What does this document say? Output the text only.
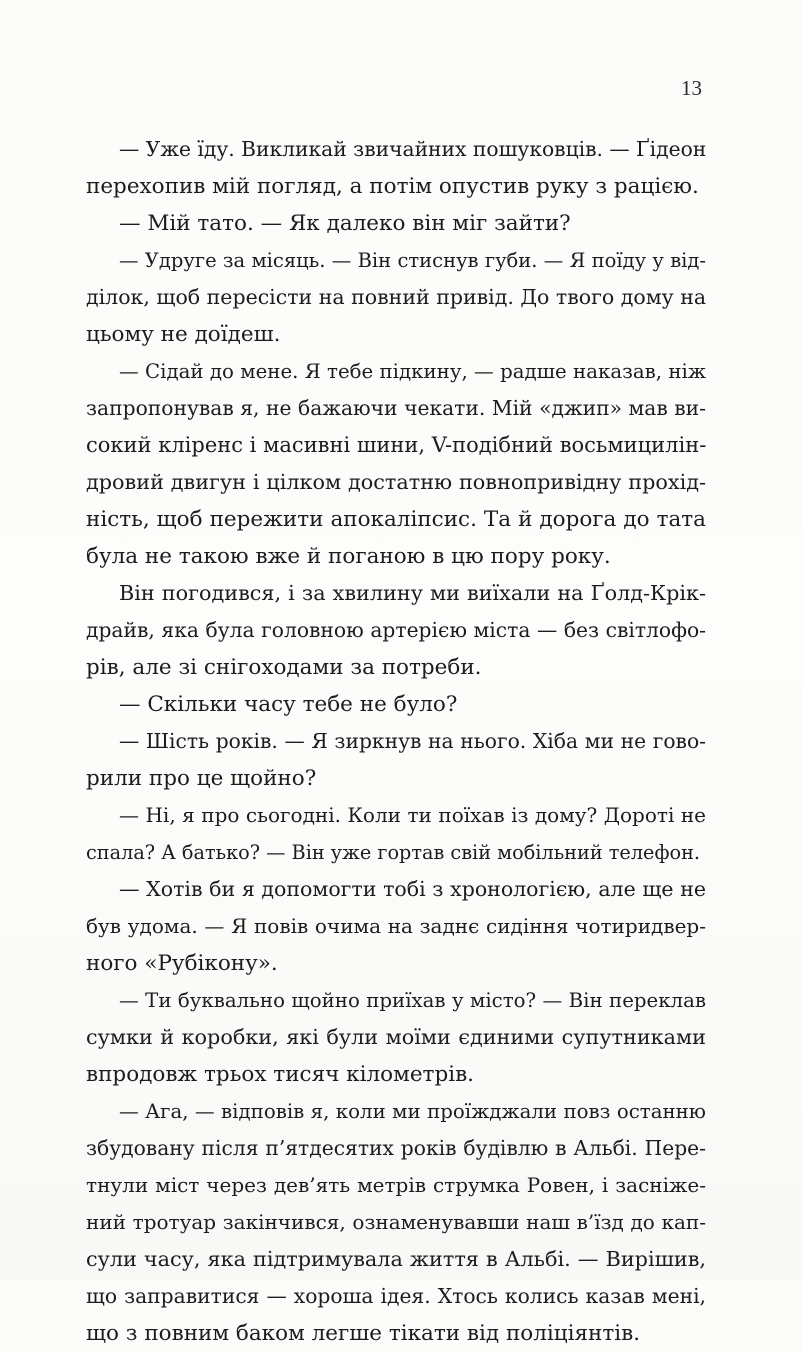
13
— Уже їду. Викликай звичайних пошуковців. — Ґідеон
перехопив мій погляд, а потім опустив руку з рацією.
— Мій тато. — Як далеко він міг зайти?
— Удруге за місяць. — Він стиснув губи. — Я поїду у від-
ділок, щоб пересісти на повний привід. До твого дому на
цьому не доїдеш.
— Сідай до мене. Я тебе підкину, — радше наказав, ніж
запропонував я, не бажаючи чекати. Мій «джип» мав ви-
сокий кліренс і масивні шини, V-подібний восьмицилін-
дровий двигун і цілком достатню повнопривідну прохід-
ність, щоб пережити апокаліпсис. Та й дорога до тата
була не такою вже й поганою в цю пору року.
Він погодився, і за хвилину ми виїхали на Ґолд-Крік-
драйв, яка була головною артерією міста — без світлофо-
рів, але зі снігоходами за потреби.
— Скільки часу тебе не було?
— Шість років. — Я зиркнув на нього. Хіба ми не гово-
рили про це щойно?
— Ні, я про сьогодні. Коли ти поїхав із дому? Дороті не
спала? А батько? — Він уже гортав свій мобільний телефон.
— Хотів би я допомогти тобі з хронологією, але ще не
був удома. — Я повів очима на заднє сидіння чотиридвер-
ного «Рубікону».
— Ти буквально щойно приїхав у місто? — Він переклав
сумки й коробки, які були моїми єдиними супутниками
впродовж трьох тисяч кілометрів.
— Ага, — відповів я, коли ми проїжджали повз останню
збудовану після п’ятдесятих років будівлю в Альбі. Пере-
тнули міст через дев’ять метрів струмка Ровен, і засніже-
ний тротуар закінчився, ознаменувавши наш в’їзд до кап-
сули часу, яка підтримувала життя в Альбі. — Вирішив,
що заправитися — хороша ідея. Хтось колись казав мені,
що з повним баком легше тікати від поліціянтів.
